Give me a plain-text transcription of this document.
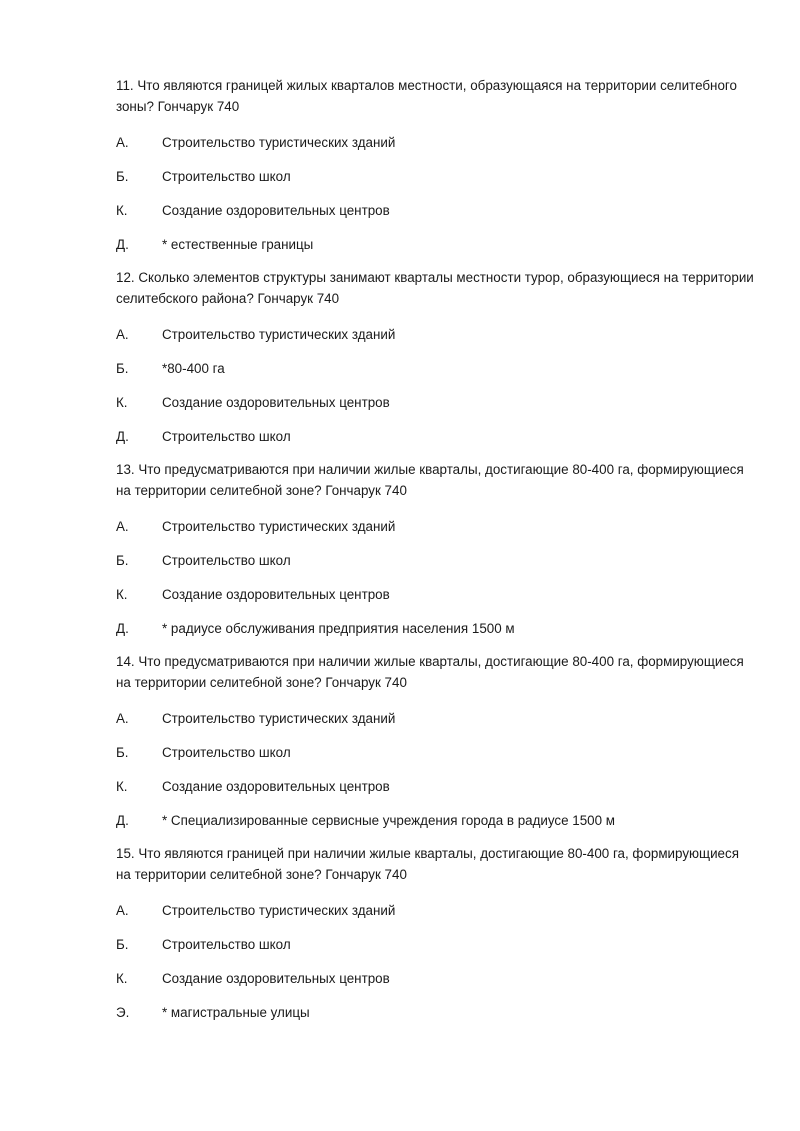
11. Что являются границей жилых кварталов местности, образующаяся на территории селитебного зоны? Гончарук 740

А. Строительство туристических зданий
Б. Строительство школ
К.	Создание оздоровительных центров
Д. * естественные границы

12. Сколько элементов структуры занимают кварталы местности туроp, образующиеся на территории селитебского района? Гончарук 740

А. Строительство туристических зданий
Б. *80-400 га
К.	Создание оздоровительных центров
Д. Строительство школ

13. Что предусматриваются при наличии жилые кварталы, достигающие 80-400 га, формирующиеся на территории селитебной зоне? Гончарук 740

А. Строительство туристических зданий
Б. Строительство школ
К.	Создание оздоровительных центров
Д. * радиусе обслуживания предприятия населения 1500 м

14. Что предусматриваются при наличии жилые кварталы, достигающие 80-400 га, формирующиеся на территории селитебной зоне? Гончарук 740

А. Строительство туристических зданий
Б. Строительство школ
К.	Создание оздоровительных центров
Д. * Специализированные сервисные учреждения города в радиусе 1500 м

15. Что являются границей при наличии жилые кварталы, достигающие 80-400 га, формирующиеся на территории селитебной зоне? Гончарук 740

А. Строительство туристических зданий
Б. Строительство школ
К.	Создание оздоровительных центров
Э. * магистральные улицы
